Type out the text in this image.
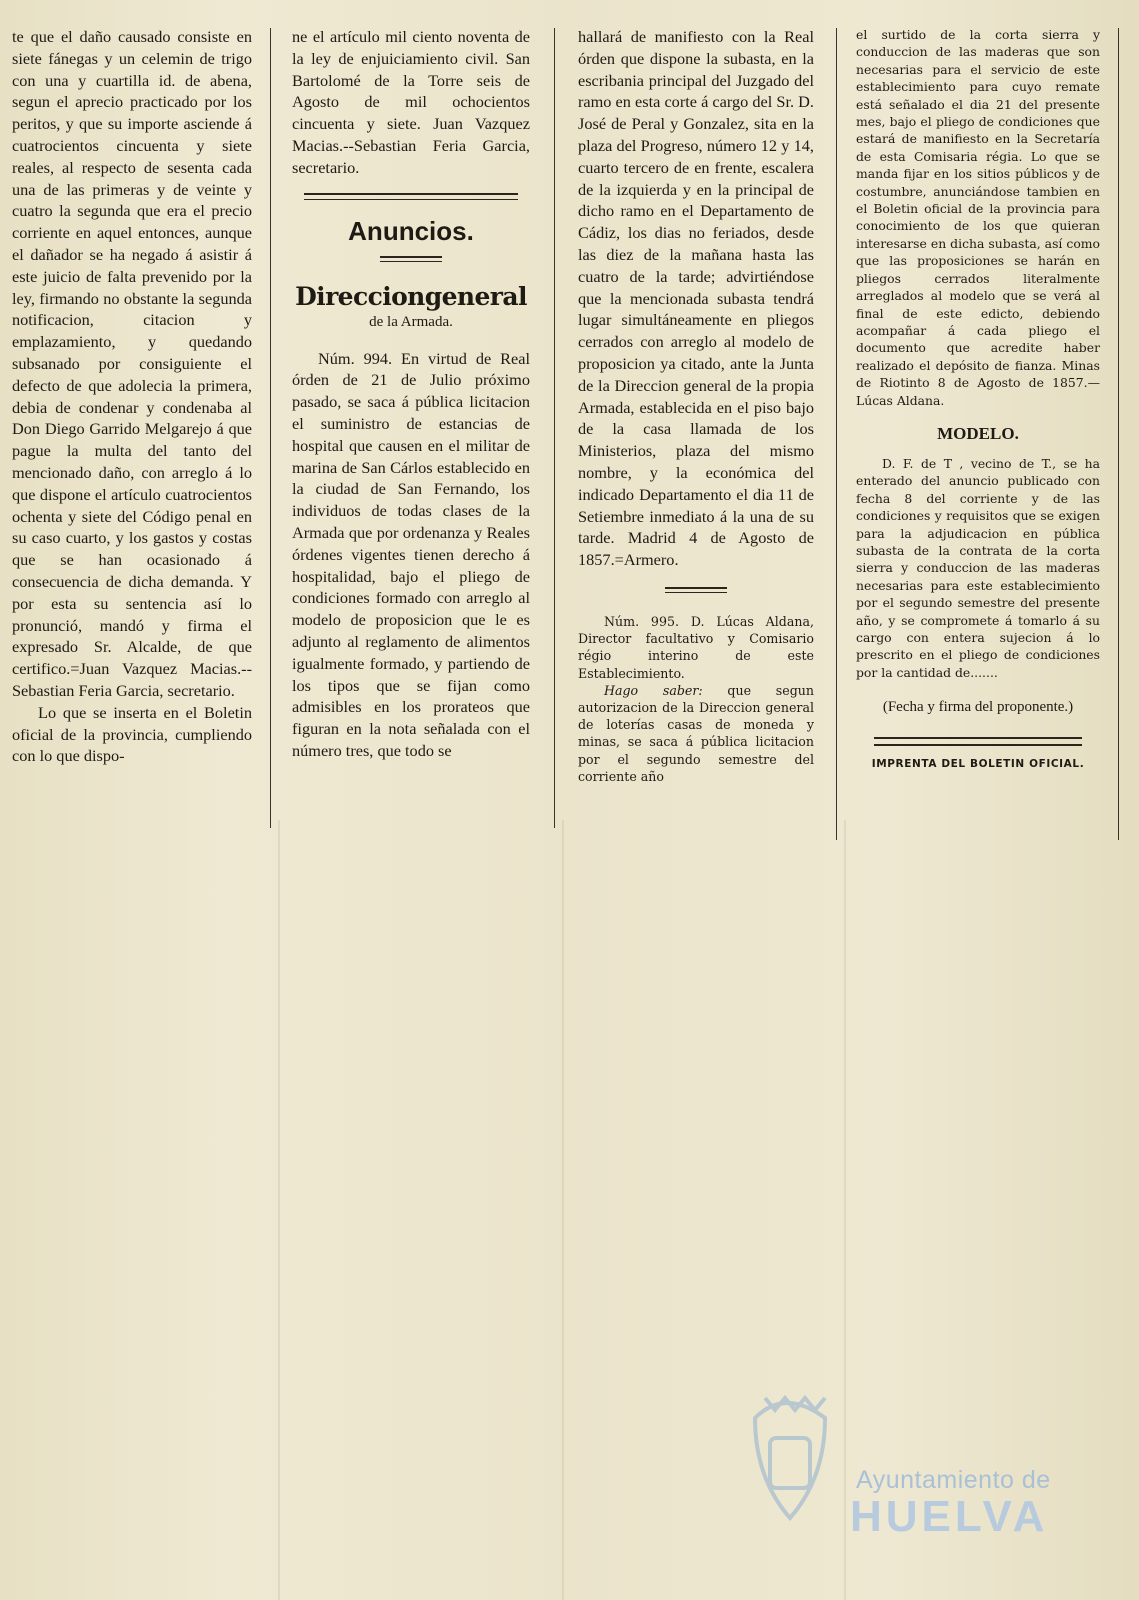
te que el daño causado consiste en siete fánegas y un celemin de trigo con una y cuartilla id. de abena, segun el aprecio practicado por los peritos, y que su importe asciende á cuatrocientos cincuenta y siete reales, al respecto de sesenta cada una de las primeras y de veinte y cuatro la segunda que era el precio corriente en aquel entonces, aunque el dañador se ha negado á asistir á este juicio de falta prevenido por la ley, firmando no obstante la segunda notificacion, citacion y emplazamiento, y quedando subsanado por consiguiente el defecto de que adolecia la primera, debia de condenar y condenaba al Don Diego Garrido Melgarejo á que pague la multa del tanto del mencionado daño, con arreglo á lo que dispone el artículo cuatrocientos ochenta y siete del Código penal en su caso cuarto, y los gastos y costas que se han ocasionado á consecuencia de dicha demanda. Y por esta su sentencia así lo pronunció, mandó y firma el expresado Sr. Alcalde, de que certifico.=Juan Vazquez Macias.--Sebastian Feria Garcia, secretario.

Lo que se inserta en el Boletin oficial de la provincia, cumpliendo con lo que dispo-

ne el artículo mil ciento noventa de la ley de enjuiciamiento civil. San Bartolomé de la Torre seis de Agosto de mil ochocientos cincuenta y siete. Juan Vazquez Macias.--Sebastian Feria Garcia, secretario.

Anuncios.
Direcciongeneral
de la Armada.

Núm. 994. En virtud de Real órden de 21 de Julio próximo pasado, se saca á pública licitacion el suministro de estancias de hospital que causen en el militar de marina de San Cárlos establecido en la ciudad de San Fernando, los individuos de todas clases de la Armada que por ordenanza y Reales órdenes vigentes tienen derecho á hospitalidad, bajo el pliego de condiciones formado con arreglo al modelo de proposicion que le es adjunto al reglamento de alimentos igualmente formado, y partiendo de los tipos que se fijan como admisibles en los prorateos que figuran en la nota señalada con el número tres, que todo se

hallará de manifiesto con la Real órden que dispone la subasta, en la escribania principal del Juzgado del ramo en esta corte á cargo del Sr. D. José de Peral y Gonzalez, sita en la plaza del Progreso, número 12 y 14, cuarto tercero de en frente, escalera de la izquierda y en la principal de dicho ramo en el Departamento de Cádiz, los dias no feriados, desde las diez de la mañana hasta las cuatro de la tarde; advirtiéndose que la mencionada subasta tendrá lugar simultáneamente en pliegos cerrados con arreglo al modelo de proposicion ya citado, ante la Junta de la Direccion general de la propia Armada, establecida en el piso bajo de la casa llamada de los Ministerios, plaza del mismo nombre, y la económica del indicado Departamento el dia 11 de Setiembre inmediato á la una de su tarde. Madrid 4 de Agosto de 1857.=Armero.

Núm. 995. D. Lúcas Aldana, Director facultativo y Comisario régio interino de este Establecimiento.

Hago saber: que segun autorizacion de la Direccion general de loterías casas de moneda y minas, se saca á pública licitacion por el segundo semestre del corriente año

el surtido de la corta sierra y conduccion de las maderas que son necesarias para el servicio de este establecimiento para cuyo remate está señalado el dia 21 del presente mes, bajo el pliego de condiciones que estará de manifiesto en la Secretaría de esta Comisaria régia. Lo que se manda fijar en los sitios públicos y de costumbre, anunciándose tambien en el Boletin oficial de la provincia para conocimiento de los que quieran interesarse en dicha subasta, así como que las proposiciones se harán en pliegos cerrados literalmente arreglados al modelo que se verá al final de este edicto, debiendo acompañar á cada pliego el documento que acredite haber realizado el depósito de fianza. Minas de Riotinto 8 de Agosto de 1857.—Lúcas Aldana.

MODELO.

D. F. de T , vecino de T., se ha enterado del anuncio publicado con fecha 8 del corriente y de las condiciones y requisitos que se exigen para la adjudicacion en pública subasta de la contrata de la corta sierra y conduccion de las maderas necesarias para este establecimiento por el segundo semestre del presente año, y se compromete á tomarlo á su cargo con entera sujecion á lo prescrito en el pliego de condiciones por la cantidad de.......

(Fecha y firma del proponente.)
IMPRENTA DEL BOLETIN OFICIAL.
Ayuntamiento de
HUELVA
